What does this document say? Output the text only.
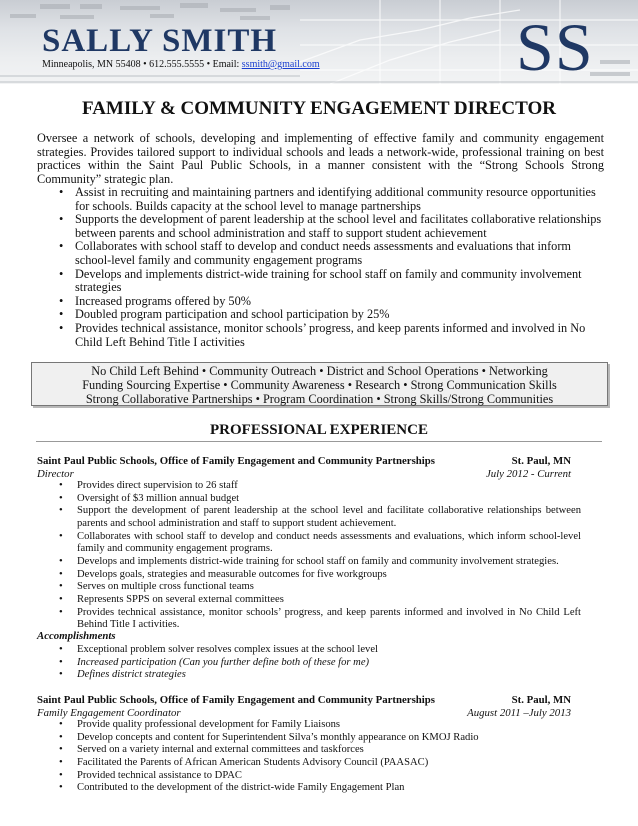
SALLY SMITH
Minneapolis, MN 55408 • 612.555.5555 • Email: ssmith@gmail.com	SS
FAMILY & COMMUNITY ENGAGEMENT DIRECTOR
Oversee a network of schools, developing and implementing of effective family and community engagement strategies. Provides tailored support to individual schools and leads a network-wide, professional training on best practices within the Saint Paul Public Schools, in a manner consistent with the “Strong Schools Strong Community” strategic plan.
• Assist in recruiting and maintaining partners and identifying additional community resource opportunities for schools. Builds capacity at the school level to manage partnerships
• Supports the development of parent leadership at the school level and facilitates collaborative relationships between parents and school administration and staff to support student achievement
• Collaborates with school staff to develop and conduct needs assessments and evaluations that inform school-level family and community engagement programs
• Develops and implements district-wide training for school staff on family and community involvement strategies
• Increased programs offered by 50%
• Doubled program participation and school participation by 25%
• Provides technical assistance, monitor schools’ progress, and keep parents informed and involved in No Child Left Behind Title I activities
No Child Left Behind • Community Outreach • District and School Operations • Networking
Funding Sourcing Expertise • Community Awareness • Research • Strong Communication Skills
Strong Collaborative Partnerships • Program Coordination • Strong Skills/Strong Communities
PROFESSIONAL EXPERIENCE
Saint Paul Public Schools, Office of Family Engagement and Community Partnerships	St. Paul, MN
Director	July 2012 - Current
• Provides direct supervision to 26 staff
• Oversight of $3 million annual budget
• Support the development of parent leadership at the school level and facilitate collaborative relationships between parents and school administration and staff to support student achievement.
• Collaborates with school staff to develop and conduct needs assessments and evaluations, which inform school-level family and community engagement programs.
• Develops and implements district-wide training for school staff on family and community involvement strategies.
• Develops goals, strategies and measurable outcomes for five workgroups
• Serves on multiple cross functional teams
• Represents SPPS on several external committees
• Provides technical assistance, monitor schools’ progress, and keep parents informed and involved in No Child Left Behind Title I activities.
Accomplishments
• Exceptional problem solver resolves complex issues at the school level
• Increased participation (Can you further define both of these for me)
• Defines district strategies
Saint Paul Public Schools, Office of Family Engagement and Community Partnerships	St. Paul, MN
Family Engagement Coordinator	August 2011 –July 2013
• Provide quality professional development for Family Liaisons
• Develop concepts and content for Superintendent Silva’s monthly appearance on KMOJ Radio
• Served on a variety internal and external committees and taskforces
• Facilitated the Parents of African American Students Advisory Council (PAASAC)
• Provided technical assistance to DPAC
• Contributed to the development of the district-wide Family Engagement Plan
